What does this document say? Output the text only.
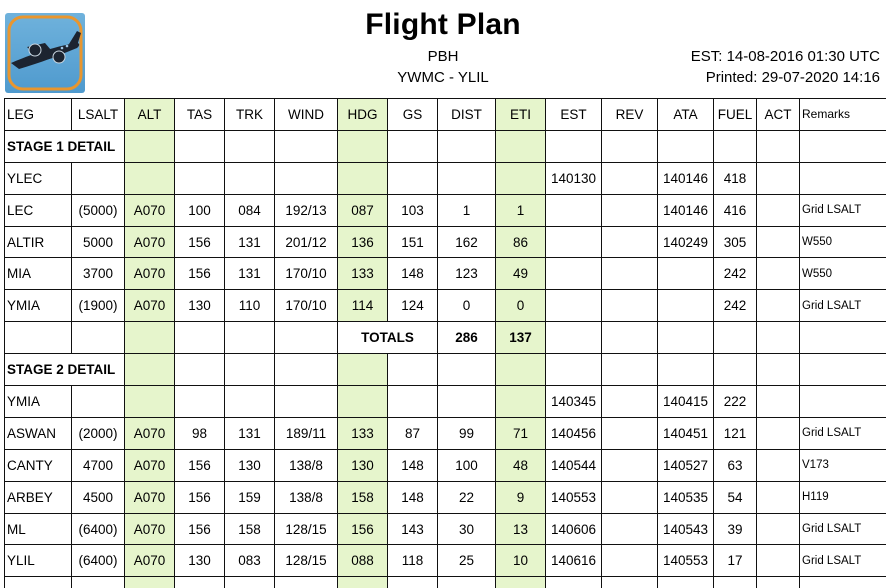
Flight Plan
PBH
YWMC - YLIL
EST: 14-08-2016 01:30 UTC
Printed: 29-07-2020 14:16
LEG	LSALT	ALT	TAS	TRK	WIND	HDG	GS	DIST	ETI	EST	REV	ATA	FUEL	ACT	Remarks
STAGE 1 DETAIL															
YLEC										140130		140146	418		
LEC	(5000)	A070	100	084	192/13	087	103	1	1			140146	416		Grid LSALT
ALTIR	5000	A070	156	131	201/12	136	151	162	86			140249	305		W550
MIA	3700	A070	156	131	170/10	133	148	123	49				242		W550
YMIA	(1900)	A070	130	110	170/10	114	124	0	0				242		Grid LSALT
						TOTALS		286	137						
STAGE 2 DETAIL															
YMIA										140345		140415	222		
ASWAN	(2000)	A070	98	131	189/11	133	87	99	71	140456		140451	121		Grid LSALT
CANTY	4700	A070	156	130	138/8	130	148	100	48	140544		140527	63		V173
ARBEY	4500	A070	156	159	138/8	158	148	22	9	140553		140535	54		H119
ML	(6400)	A070	156	158	128/15	156	143	30	13	140606		140543	39		Grid LSALT
YLIL	(6400)	A070	130	083	128/15	088	118	25	10	140616		140553	17		Grid LSALT
